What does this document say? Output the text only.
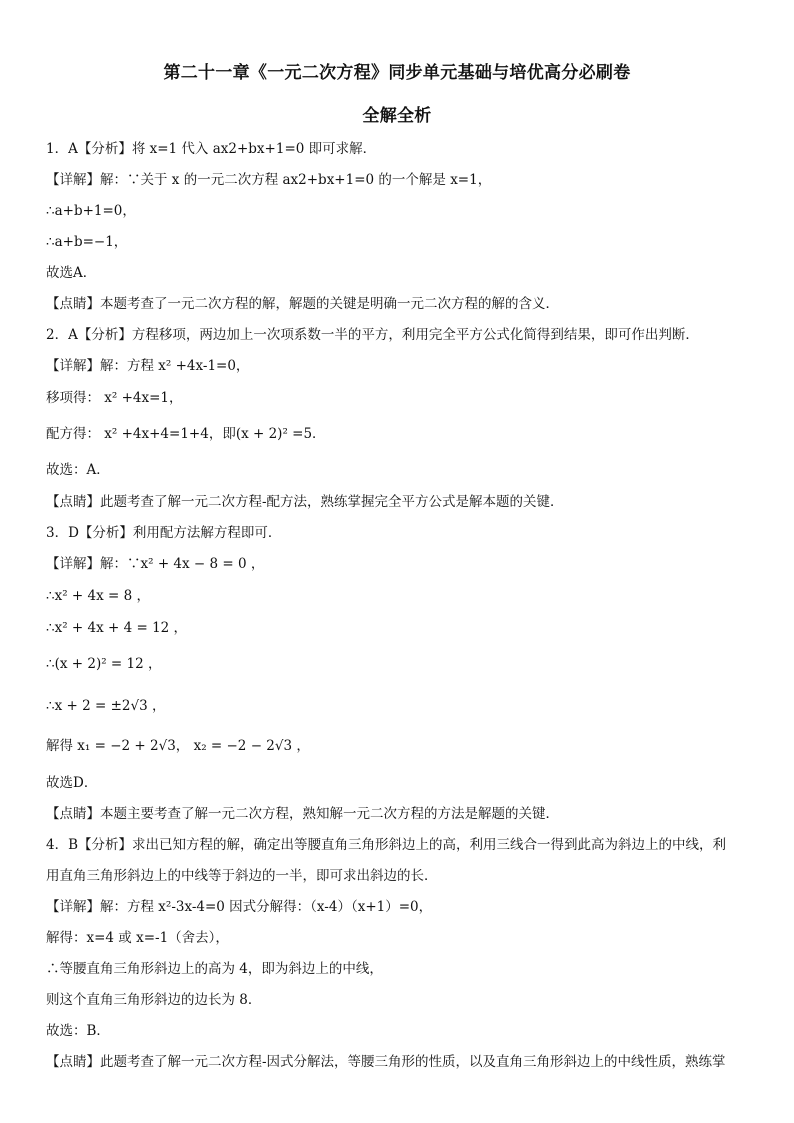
第二十一章《一元二次方程》同步单元基础与培优高分必刷卷
全解全析
1．A【分析】将 x=1 代入 ax2+bx+1=0 即可求解．
【详解】解：∵关于 x 的一元二次方程 ax2+bx+1=0 的一个解是 x=1，
∴a+b+1=0，
∴a+b=−1，
故选A．
【点睛】本题考查了一元二次方程的解，解题的关键是明确一元二次方程的解的含义．
2．A【分析】方程移项，两边加上一次项系数一半的平方，利用完全平方公式化简得到结果，即可作出判断．
【详解】解：方程 x² +4x-1=0，
移项得： x² +4x=1，
配方得： x² +4x+4=1+4，即(x + 2)² =5．
故选：A．
【点睛】此题考查了解一元二次方程-配方法，熟练掌握完全平方公式是解本题的关键．
3．D【分析】利用配方法解方程即可．
【详解】解：∵x² + 4x − 8 = 0 ，
∴x² + 4x = 8 ，
∴x² + 4x + 4 = 12 ，
∴(x + 2)² = 12 ，
∴x + 2 = ±2√3 ，
解得 x₁ = −2 + 2√3， x₂ = −2 − 2√3 ，
故选D．
【点睛】本题主要考查了解一元二次方程，熟知解一元二次方程的方法是解题的关键．
4．B【分析】求出已知方程的解，确定出等腰直角三角形斜边上的高，利用三线合一得到此高为斜边上的中线，利
用直角三角形斜边上的中线等于斜边的一半，即可求出斜边的长．
【详解】解：方程 x²-3x-4=0 因式分解得：（x-4）（x+1）=0，
解得：x=4 或 x=-1（舍去），
∴等腰直角三角形斜边上的高为 4，即为斜边上的中线，
则这个直角三角形斜边的边长为 8．
故选：B．
【点睛】此题考查了解一元二次方程-因式分解法，等腰三角形的性质，以及直角三角形斜边上的中线性质，熟练掌
